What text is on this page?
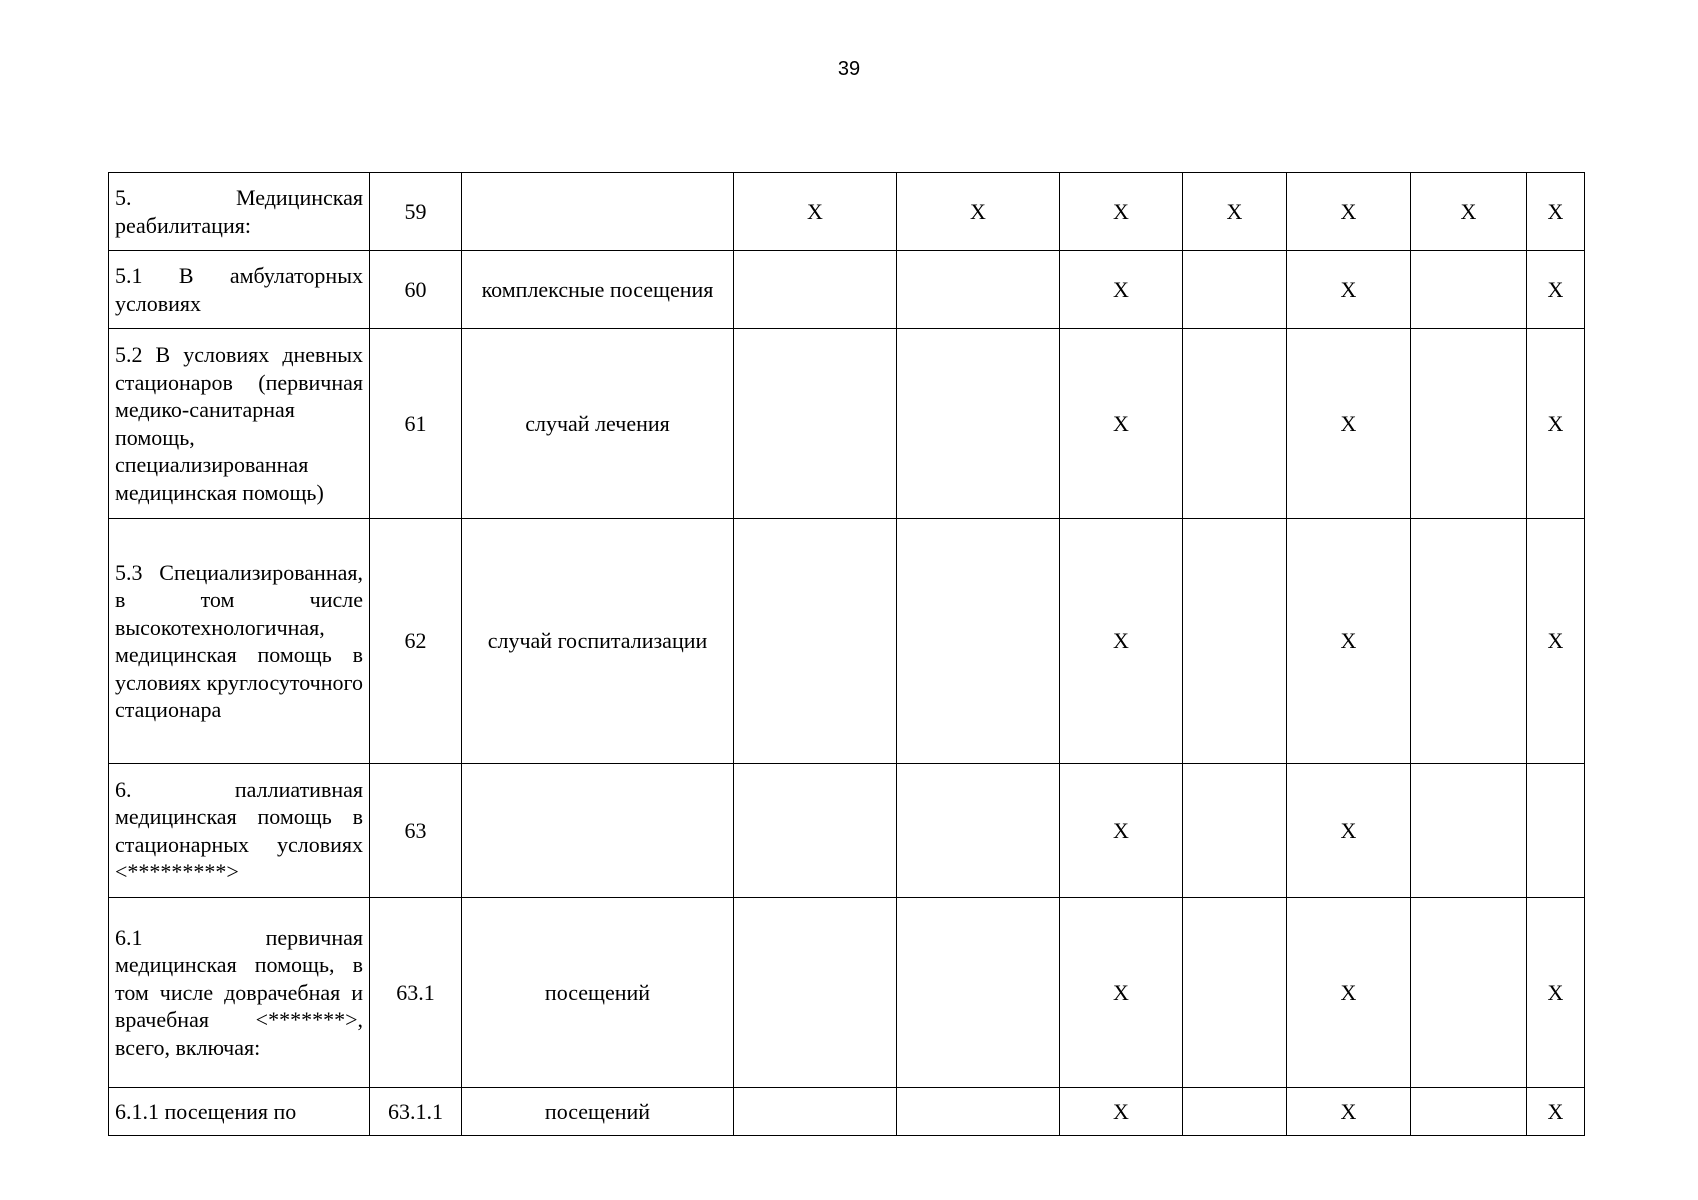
39
5. Медицинская реабилитация:	59		X	X	X	X	X	X	X
5.1 В амбулаторных условиях	60	комплексные посещения			X		X		X
5.2 В условиях дневных стационаров (первичная медико-санитарная помощь, специализированная медицинская помощь)	61	случай лечения			X		X		X
5.3 Специализированная, в том числе высокотехнологичная, медицинская помощь в условиях круглосуточного стационара	62	случай госпитализации			X		X		X
6. паллиативная медицинская помощь в стационарных условиях <*********>	63				X		X		
6.1 первичная медицинская помощь, в том числе доврачебная и врачебная <*******>, всего, включая:	63.1	посещений			X		X		X
6.1.1 посещения по	63.1.1	посещений			X		X		X
